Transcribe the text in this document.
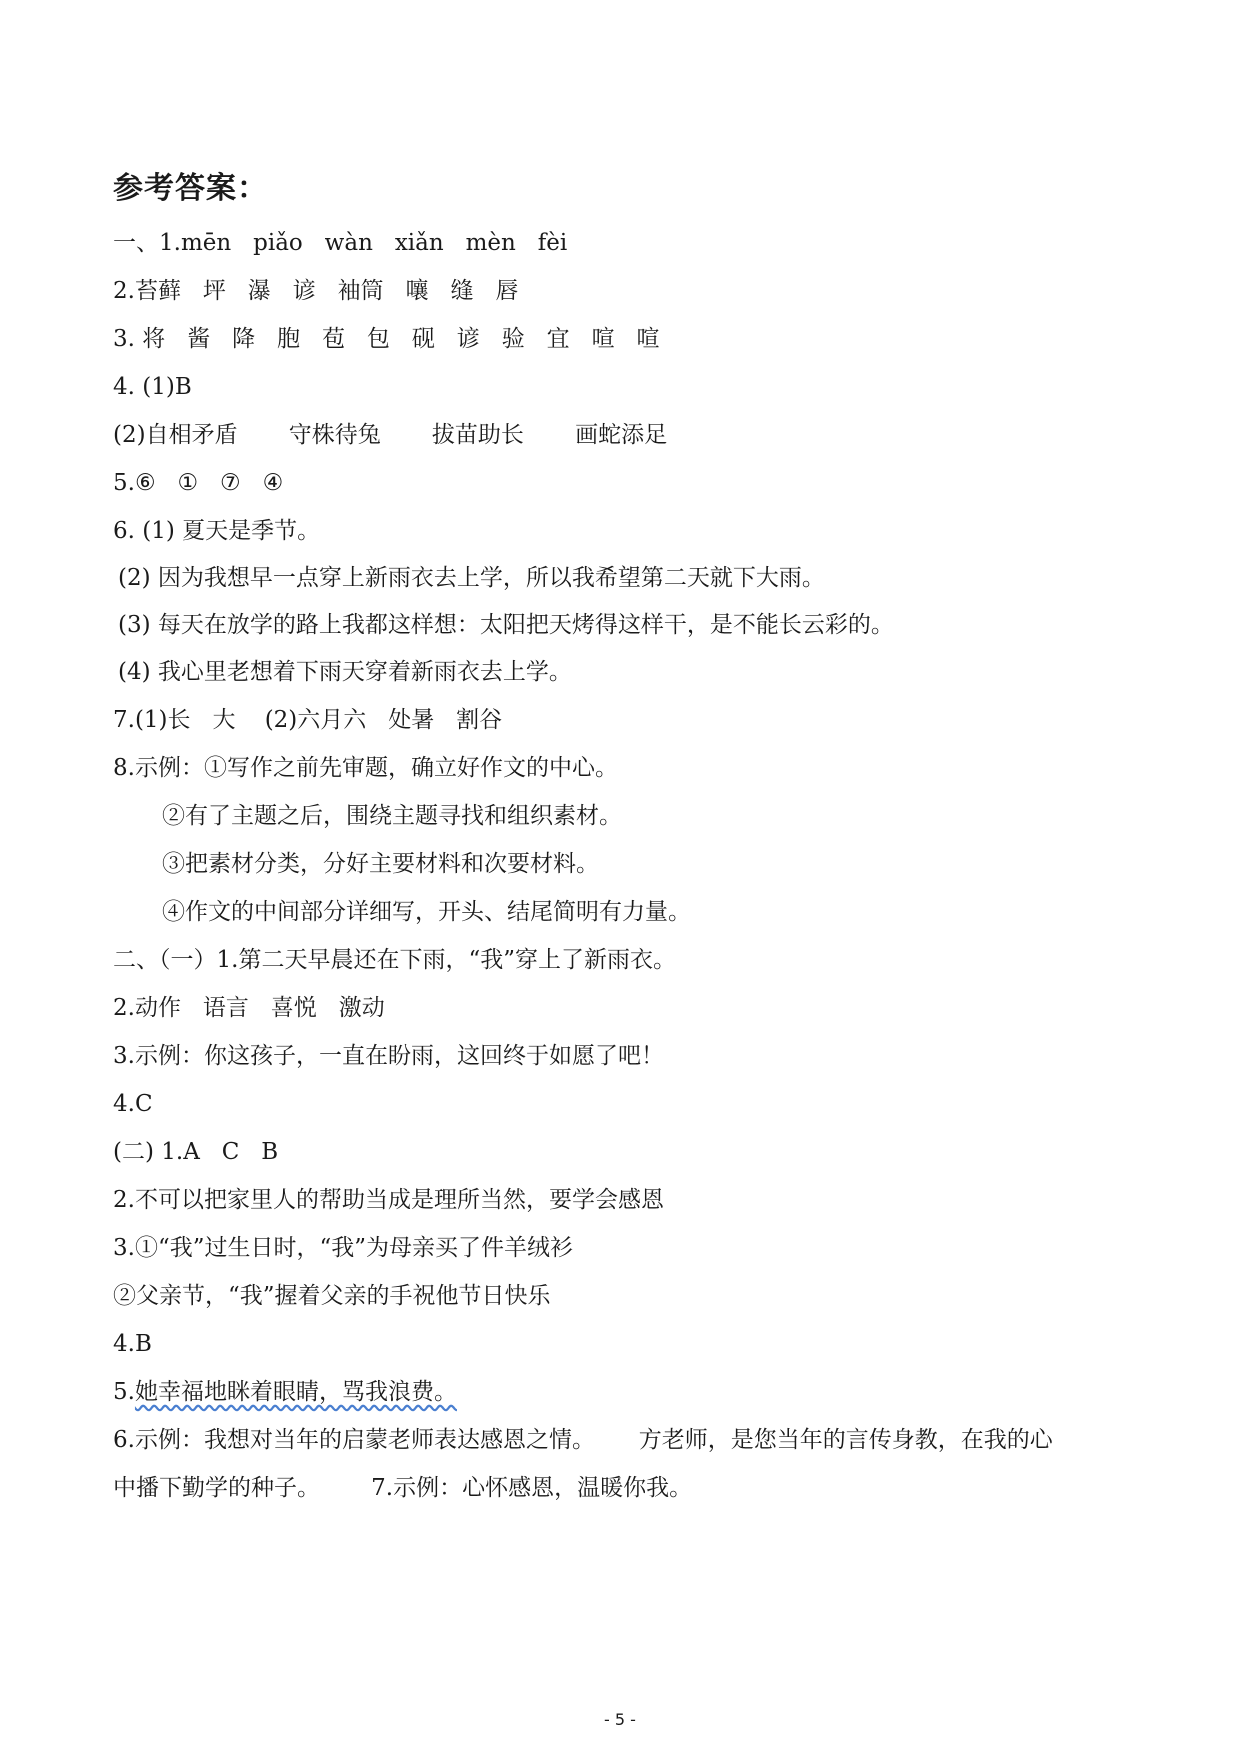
参考答案：
一、1.mēn   piǎo   wàn   xiǎn   mèn   fèi
2.苔藓   坪   瀑   谚   袖筒   嚷   缝   唇
3. 将   酱   降   胞   苞   包   砚   谚   验   宜   喧   喧
4. (1)B
(2)自相矛盾       守株待兔       拔苗助长       画蛇添足
5.⑥   ①   ⑦   ④
6. (1) 夏天是季节。
(2) 因为我想早一点穿上新雨衣去上学，所以我希望第二天就下大雨。
(3) 每天在放学的路上我都这样想：太阳把天烤得这样干，是不能长云彩的。
(4) 我心里老想着下雨天穿着新雨衣去上学。
7.(1)长   大    (2)六月六   处暑   割谷
8.示例：①写作之前先审题，确立好作文的中心。
②有了主题之后，围绕主题寻找和组织素材。
③把素材分类，分好主要材料和次要材料。
④作文的中间部分详细写，开头、结尾简明有力量。
二、（一）1.第二天早晨还在下雨，“我”穿上了新雨衣。
2.动作   语言   喜悦   激动
3.示例：你这孩子，一直在盼雨，这回终于如愿了吧！
4.C
(二) 1.A   C   B
2.不可以把家里人的帮助当成是理所当然，要学会感恩
3.①“我”过生日时，“我”为母亲买了件羊绒衫
②父亲节，“我”握着父亲的手祝他节日快乐
4.B
5.她幸福地眯着眼睛，骂我浪费。
6.示例：我想对当年的启蒙老师表达感恩之情。      方老师，是您当年的言传身教，在我的心
中播下勤学的种子。       7.示例：心怀感恩，温暖你我。
- 5 -
